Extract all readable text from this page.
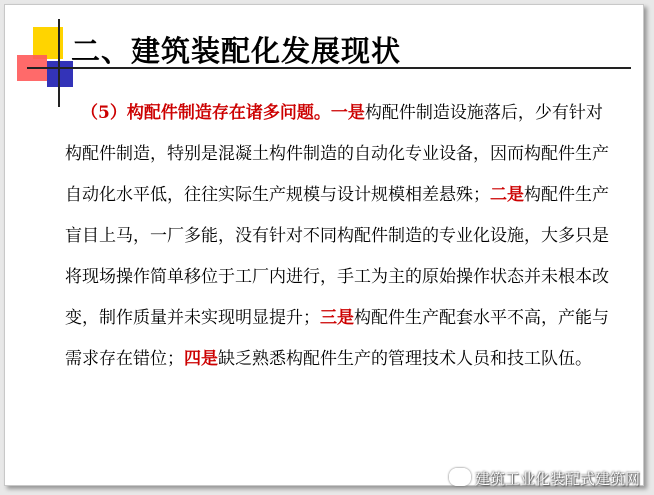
二、建筑装配化发展现状
（5）构配件制造存在诸多问题。一是构配件制造设施落后，少有针对构配件制造，特别是混凝土构件制造的自动化专业设备，因而构配件生产自动化水平低，往往实际生产规模与设计规模相差悬殊；二是构配件生产盲目上马，一厂多能，没有针对不同构配件制造的专业化设施，大多只是将现场操作简单移位于工厂内进行，手工为主的原始操作状态并未根本改变，制作质量并未实现明显提升；三是构配件生产配套水平不高，产能与需求存在错位；四是缺乏熟悉构配件生产的管理技术人员和技工队伍。
建筑工业化装配式建筑网
